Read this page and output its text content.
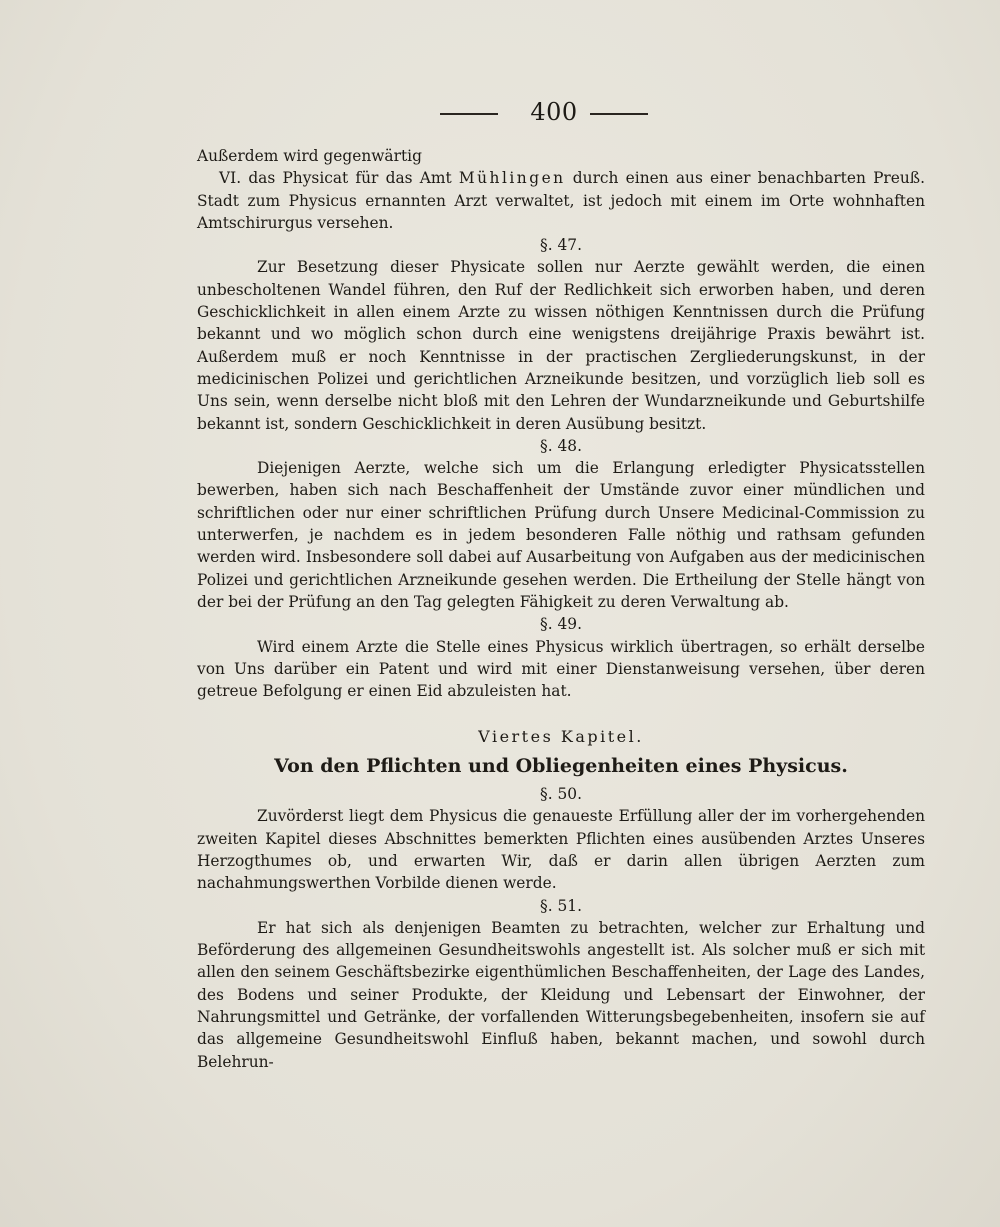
400

Außerdem wird gegenwärtig

VI. das Physicat für das Amt Mühlingen durch einen aus einer benachbarten Preuß. Stadt zum Physicus ernannten Arzt verwaltet, ist jedoch mit einem im Orte wohnhaften Amtschirurgus versehen.

§. 47.

Zur Besetzung dieser Physicate sollen nur Aerzte gewählt werden, die einen unbescholtenen Wandel führen, den Ruf der Redlichkeit sich erworben haben, und deren Geschicklichkeit in allen einem Arzte zu wissen nöthigen Kenntnissen durch die Prüfung bekannt und wo möglich schon durch eine wenigstens dreijährige Praxis bewährt ist. Außerdem muß er noch Kenntnisse in der practischen Zergliederungskunst, in der medicinischen Polizei und gerichtlichen Arzneikunde besitzen, und vorzüglich lieb soll es Uns sein, wenn derselbe nicht bloß mit den Lehren der Wundarzneikunde und Geburtshilfe bekannt ist, sondern Geschicklichkeit in deren Ausübung besitzt.

§. 48.

Diejenigen Aerzte, welche sich um die Erlangung erledigter Physicatsstellen bewerben, haben sich nach Beschaffenheit der Umstände zuvor einer mündlichen und schriftlichen oder nur einer schriftlichen Prüfung durch Unsere Medicinal-Commission zu unterwerfen, je nachdem es in jedem besonderen Falle nöthig und rathsam gefunden werden wird. Insbesondere soll dabei auf Ausarbeitung von Aufgaben aus der medicinischen Polizei und gerichtlichen Arzneikunde gesehen werden. Die Ertheilung der Stelle hängt von der bei der Prüfung an den Tag gelegten Fähigkeit zu deren Verwaltung ab.

§. 49.

Wird einem Arzte die Stelle eines Physicus wirklich übertragen, so erhält derselbe von Uns darüber ein Patent und wird mit einer Dienstanweisung versehen, über deren getreue Befolgung er einen Eid abzuleisten hat.

Viertes Kapitel.
Von den Pflichten und Obliegenheiten eines Physicus.

§. 50.

Zuvörderst liegt dem Physicus die genaueste Erfüllung aller der im vorhergehenden zweiten Kapitel dieses Abschnittes bemerkten Pflichten eines ausübenden Arztes Unseres Herzogthumes ob, und erwarten Wir, daß er darin allen übrigen Aerzten zum nachahmungswerthen Vorbilde dienen werde.

§. 51.

Er hat sich als denjenigen Beamten zu betrachten, welcher zur Erhaltung und Beförderung des allgemeinen Gesundheitswohls angestellt ist. Als solcher muß er sich mit allen den seinem Geschäftsbezirke eigenthümlichen Beschaffenheiten, der Lage des Landes, des Bodens und seiner Produkte, der Kleidung und Lebensart der Einwohner, der Nahrungsmittel und Getränke, der vorfallenden Witterungsbegebenheiten, insofern sie auf das allgemeine Gesundheitswohl Einfluß haben, bekannt machen, und sowohl durch Belehrun-
